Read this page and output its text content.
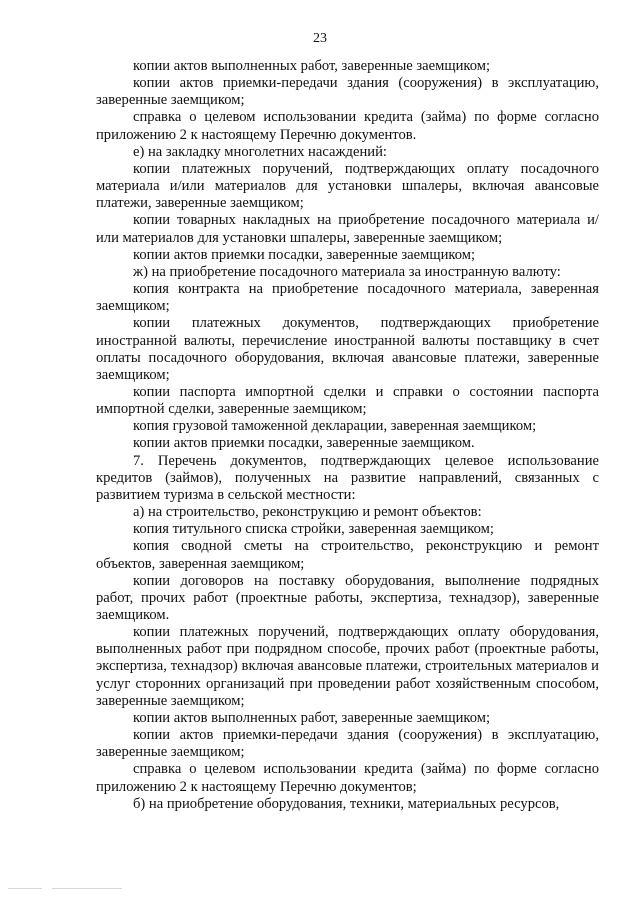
23

копии актов выполненных работ, заверенные заемщиком;

копии актов приемки-передачи здания (сооружения) в эксплуатацию, заверенные заемщиком;

справка о целевом использовании кредита (займа) по форме согласно приложению 2 к настоящему Перечню документов.

е) на закладку многолетних насаждений:

копии платежных поручений, подтверждающих оплату посадочного материала и/или материалов для установки шпалеры, включая авансовые платежи, заверенные заемщиком;

копии товарных накладных на приобретение посадочного материала и/или материалов для установки шпалеры, заверенные заемщиком;

копии актов приемки посадки, заверенные заемщиком;

ж) на приобретение посадочного материала за иностранную валюту:

копия контракта на приобретение посадочного материала, заверенная заемщиком;

копии платежных документов, подтверждающих приобретение иностранной валюты, перечисление иностранной валюты поставщику в счет оплаты посадочного оборудования, включая авансовые платежи, заверенные заемщиком;

копии паспорта импортной сделки и справки о состоянии паспорта импортной сделки, заверенные заемщиком;

копия грузовой таможенной декларации, заверенная заемщиком;

копии актов приемки посадки, заверенные заемщиком.

7. Перечень документов, подтверждающих целевое использование кредитов (займов), полученных на развитие направлений, связанных с развитием туризма в сельской местности:

а) на строительство, реконструкцию и ремонт объектов:

копия титульного списка стройки, заверенная заемщиком;

копия сводной сметы на строительство, реконструкцию и ремонт объектов, заверенная заемщиком;

копии договоров на поставку оборудования, выполнение подрядных работ, прочих работ (проектные работы, экспертиза, технадзор), заверенные заемщиком.

копии платежных поручений, подтверждающих оплату оборудования, выполненных работ при подрядном способе, прочих работ (проектные работы, экспертиза, технадзор) включая авансовые платежи, строительных материалов и услуг сторонних организаций при проведении работ хозяйственным способом, заверенные заемщиком;

копии актов выполненных работ, заверенные заемщиком;

копии актов приемки-передачи здания (сооружения) в эксплуатацию, заверенные заемщиком;

справка о целевом использовании кредита (займа) по форме согласно приложению 2 к настоящему Перечню документов;

б) на приобретение оборудования, техники, материальных ресурсов,
